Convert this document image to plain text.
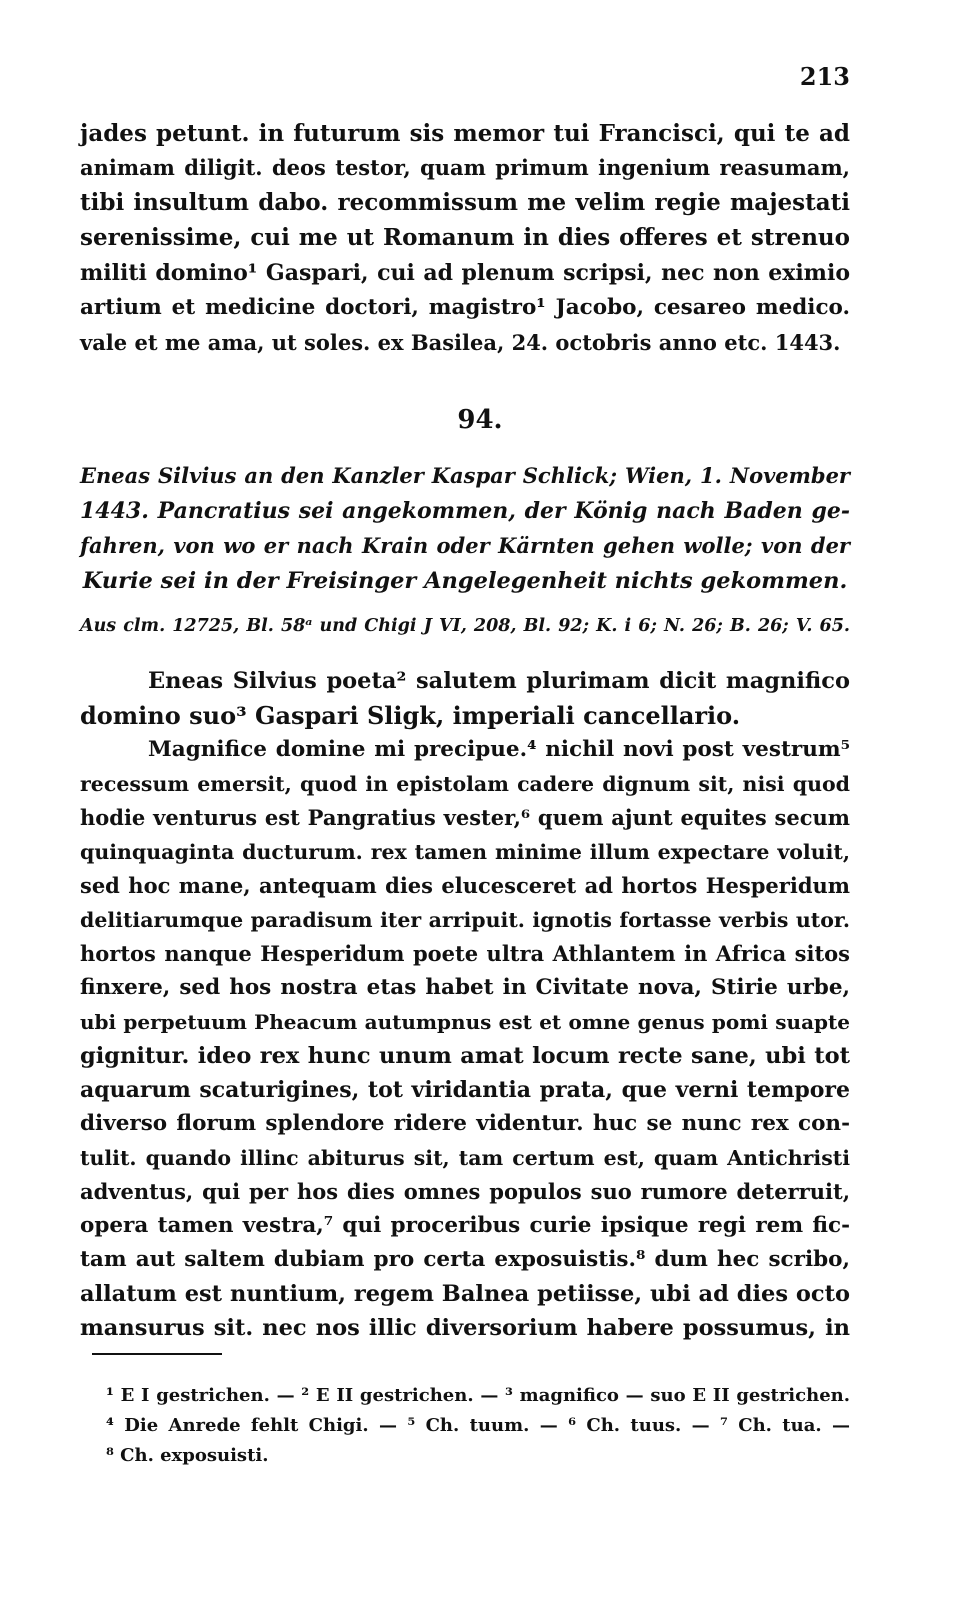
213
jades petunt. in futurum sis memor tui Francisci, qui te ad
animam diligit. deos testor, quam primum ingenium reasumam,
tibi insultum dabo. recommissum me velim regie majestati
serenissime, cui me ut Romanum in dies offeres et strenuo
militi domino¹ Gaspari, cui ad plenum scripsi, nec non eximio
artium et medicine doctori, magistro¹ Jacobo, cesareo medico.
vale et me ama, ut soles. ex Basilea, 24. octobris anno etc. 1443.
94.
Eneas Silvius an den Kanzler Kaspar Schlick; Wien, 1. November
1443. Pancratius sei angekommen, der König nach Baden ge-
fahren, von wo er nach Krain oder Kärnten gehen wolle; von der
Kurie sei in der Freisinger Angelegenheit nichts gekommen.
Aus clm. 12725, Bl. 58ᵃ und Chigi J VI, 208, Bl. 92; K. i 6; N. 26; B. 26; V. 65.
Eneas Silvius poeta² salutem plurimam dicit magnifico
domino suo³ Gaspari Sligk, imperiali cancellario.
Magnifice domine mi precipue.⁴ nichil novi post vestrum⁵
recessum emersit, quod in epistolam cadere dignum sit, nisi quod
hodie venturus est Pangratius vester,⁶ quem ajunt equites secum
quinquaginta ducturum. rex tamen minime illum expectare voluit,
sed hoc mane, antequam dies elucesceret ad hortos Hesperidum
delitiarumque paradisum iter arripuit. ignotis fortasse verbis utor.
hortos nanque Hesperidum poete ultra Athlantem in Africa sitos
finxere, sed hos nostra etas habet in Civitate nova, Stirie urbe,
ubi perpetuum Pheacum autumpnus est et omne genus pomi suapte
gignitur. ideo rex hunc unum amat locum recte sane, ubi tot
aquarum scaturigines, tot viridantia prata, que verni tempore
diverso florum splendore ridere videntur. huc se nunc rex con-
tulit. quando illinc abiturus sit, tam certum est, quam Antichristi
adventus, qui per hos dies omnes populos suo rumore deterruit,
opera tamen vestra,⁷ qui proceribus curie ipsique regi rem fic-
tam aut saltem dubiam pro certa exposuistis.⁸ dum hec scribo,
allatum est nuntium, regem Balnea petiisse, ubi ad dies octo
mansurus sit. nec nos illic diversorium habere possumus, in
¹ E I gestrichen. — ² E II gestrichen. — ³ magnifico — suo E II gestrichen.
⁴ Die Anrede fehlt Chigi. — ⁵ Ch. tuum. — ⁶ Ch. tuus. — ⁷ Ch. tua. —
⁸ Ch. exposuisti.
